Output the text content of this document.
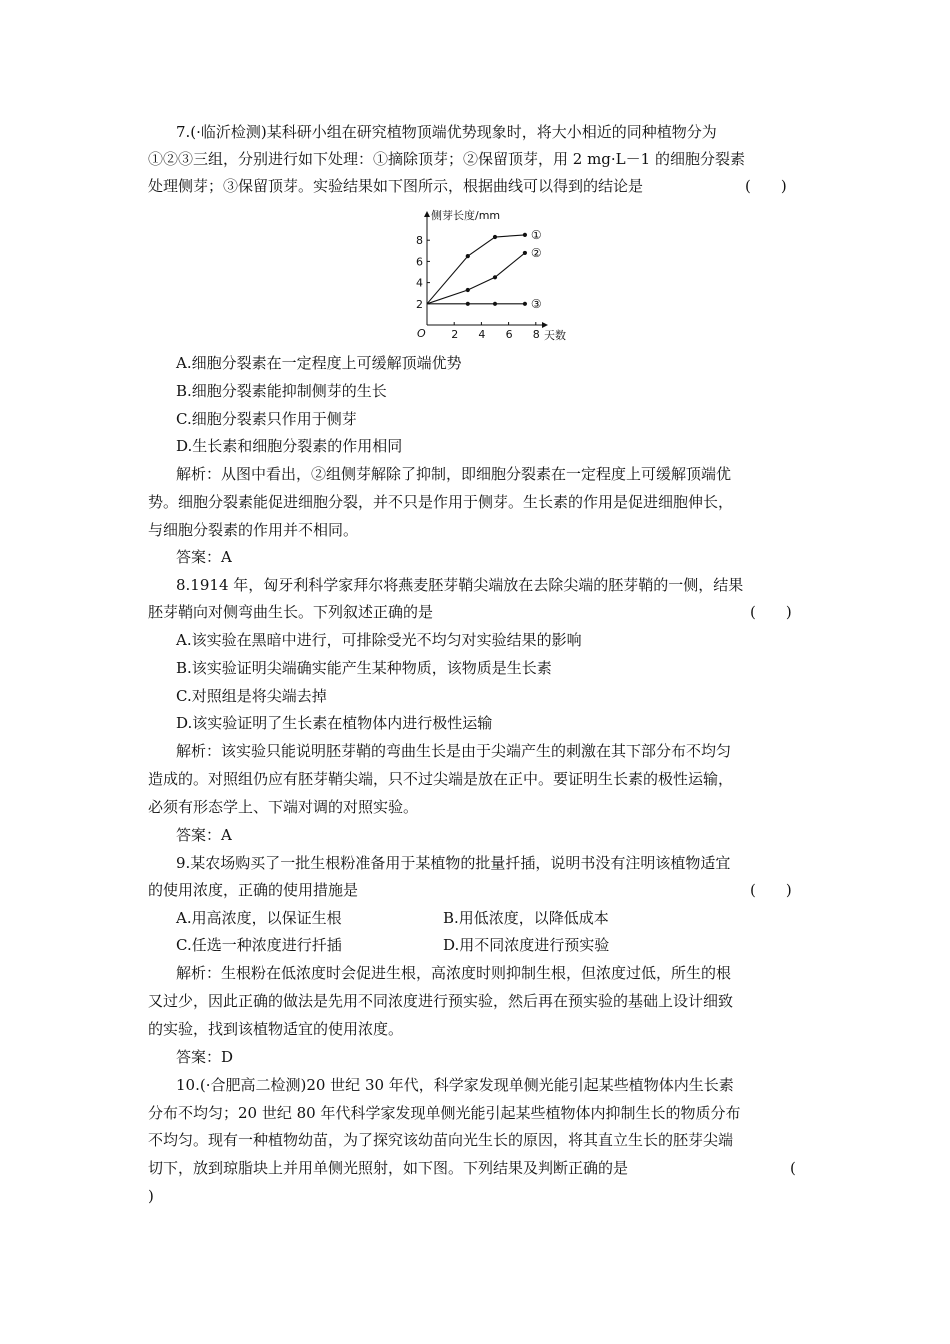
7.(·临沂检测)某科研小组在研究植物顶端优势现象时，将大小相近的同种植物分为
①②③三组，分别进行如下处理：①摘除顶芽；②保留顶芽，用 2 mg·L－1 的细胞分裂素
处理侧芽；③保留顶芽。实验结果如下图所示，根据曲线可以得到的结论是	(　　)
侧芽长度/mm
天数
O 2 4 6 8
2
4
6
8	①
②
③
A.细胞分裂素在一定程度上可缓解顶端优势
B.细胞分裂素能抑制侧芽的生长
C.细胞分裂素只作用于侧芽
D.生长素和细胞分裂素的作用相同
解析：从图中看出，②组侧芽解除了抑制，即细胞分裂素在一定程度上可缓解顶端优
势。细胞分裂素能促进细胞分裂，并不只是作用于侧芽。生长素的作用是促进细胞伸长，
与细胞分裂素的作用并不相同。
答案：A
8.1914 年，匈牙利科学家拜尔将燕麦胚芽鞘尖端放在去除尖端的胚芽鞘的一侧，结果
胚芽鞘向对侧弯曲生长。下列叙述正确的是	(　　)
A.该实验在黑暗中进行，可排除受光不均匀对实验结果的影响
B.该实验证明尖端确实能产生某种物质，该物质是生长素
C.对照组是将尖端去掉
D.该实验证明了生长素在植物体内进行极性运输
解析：该实验只能说明胚芽鞘的弯曲生长是由于尖端产生的刺激在其下部分布不均匀
造成的。对照组仍应有胚芽鞘尖端，只不过尖端是放在正中。要证明生长素的极性运输，
必须有形态学上、下端对调的对照实验。
答案：A
9.某农场购买了一批生根粉准备用于某植物的批量扦插，说明书没有注明该植物适宜
的使用浓度，正确的使用措施是	(　　)
A.用高浓度，以保证生根	B.用低浓度，以降低成本
C.任选一种浓度进行扦插	D.用不同浓度进行预实验
解析：生根粉在低浓度时会促进生根，高浓度时则抑制生根，但浓度过低，所生的根
又过少，因此正确的做法是先用不同浓度进行预实验，然后再在预实验的基础上设计细致
的实验，找到该植物适宜的使用浓度。
答案：D
10.(·合肥高二检测)20 世纪 30 年代，科学家发现单侧光能引起某些植物体内生长素
分布不均匀；20 世纪 80 年代科学家发现单侧光能引起某些植物体内抑制生长的物质分布
不均匀。现有一种植物幼苗，为了探究该幼苗向光生长的原因，将其直立生长的胚芽尖端
切下，放到琼脂块上并用单侧光照射，如下图。下列结果及判断正确的是	(
)
